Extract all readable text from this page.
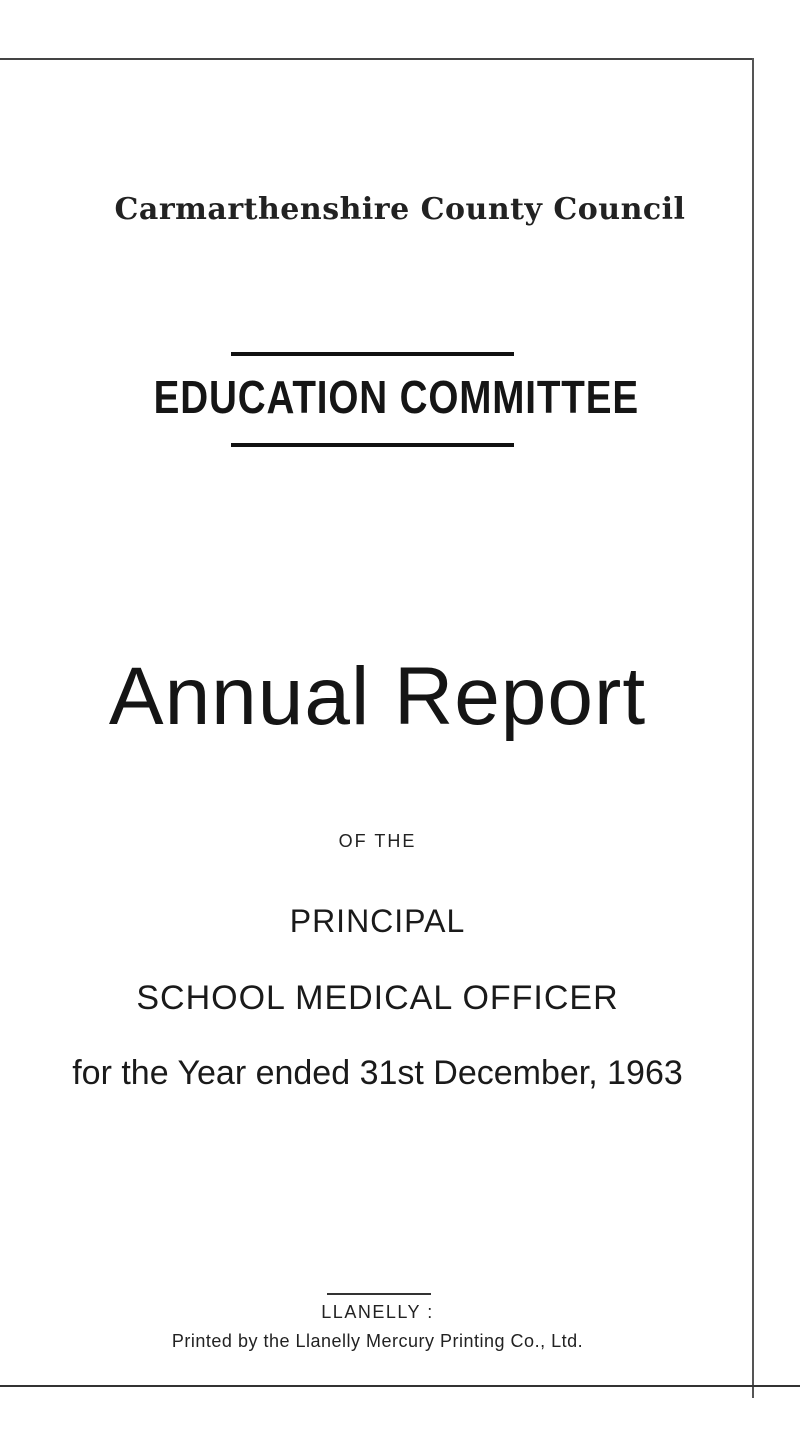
Carmarthenshire County Council
EDUCATION COMMITTEE
Annual Report
OF THE
PRINCIPAL
SCHOOL MEDICAL OFFICER
for the Year ended 31st December, 1963
LLANELLY :
Printed by the Llanelly Mercury Printing Co., Ltd.
